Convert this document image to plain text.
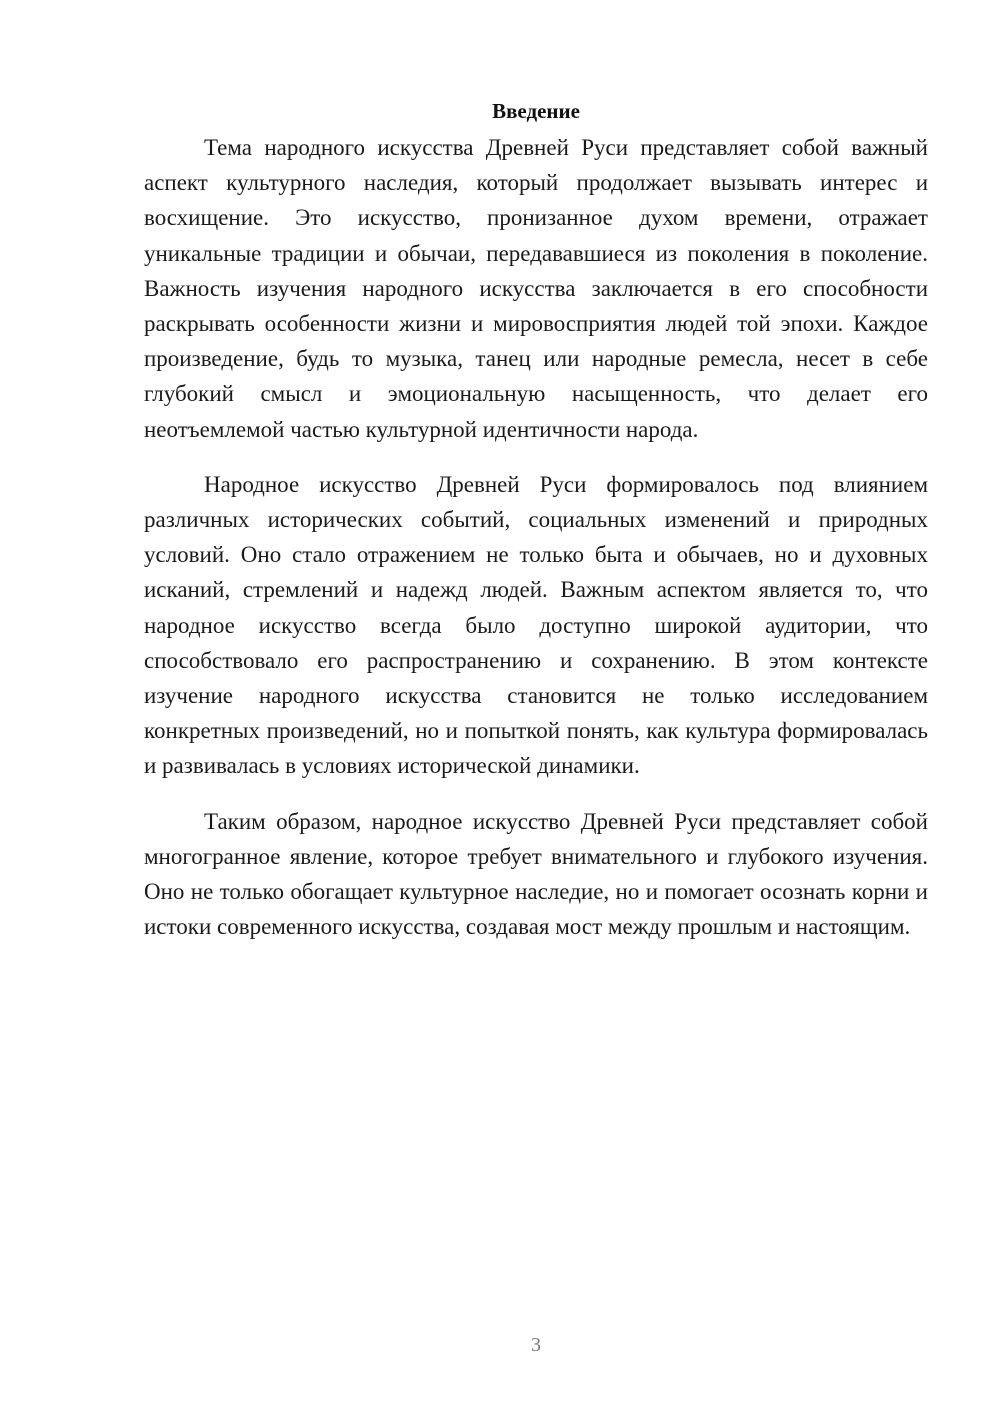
Введение

Тема народного искусства Древней Руси представляет собой важный аспект культурного наследия, который продолжает вызывать интерес и восхищение. Это искусство, пронизанное духом времени, отражает уникальные традиции и обычаи, передававшиеся из поколения в поколение. Важность изучения народного искусства заключается в его способности раскрывать особенности жизни и мировосприятия людей той эпохи. Каждое произведение, будь то музыка, танец или народные ремесла, несет в себе глубокий смысл и эмоциональную насыщенность, что делает его неотъемлемой частью культурной идентичности народа.

Народное искусство Древней Руси формировалось под влиянием различных исторических событий, социальных изменений и природных условий. Оно стало отражением не только быта и обычаев, но и духовных исканий, стремлений и надежд людей. Важным аспектом является то, что народное искусство всегда было доступно широкой аудитории, что способствовало его распространению и сохранению. В этом контексте изучение народного искусства становится не только исследованием конкретных произведений, но и попыткой понять, как культура формировалась и развивалась в условиях исторической динамики.

Таким образом, народное искусство Древней Руси представляет собой многогранное явление, которое требует внимательного и глубокого изучения. Оно не только обогащает культурное наследие, но и помогает осознать корни и истоки современного искусства, создавая мост между прошлым и настоящим.

3
